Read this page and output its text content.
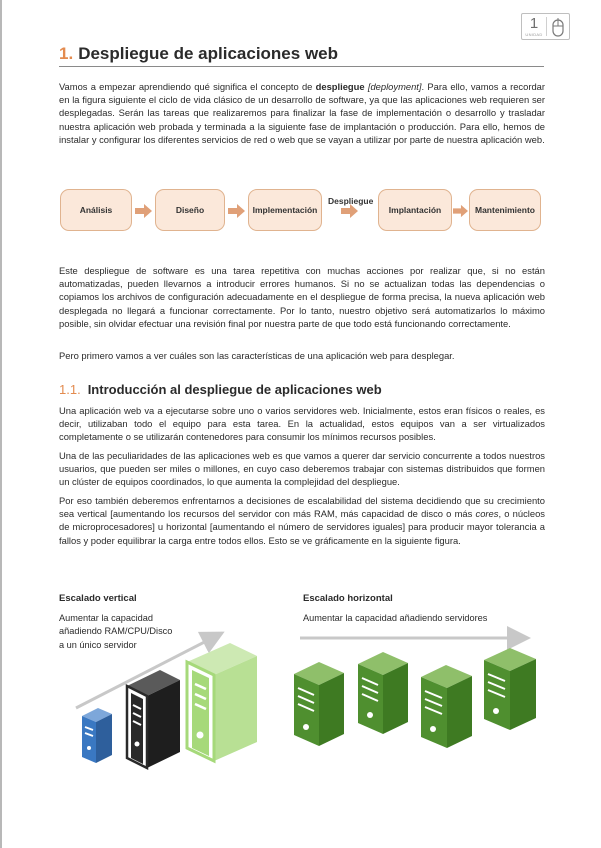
1
UNIDAD
1. Despliegue de aplicaciones web

Vamos a empezar aprendiendo qué significa el concepto de despliegue [deployment]. Para ello, vamos a recordar en la figura siguiente el ciclo de vida clásico de un desarrollo de software, ya que las aplicaciones web requieren ser desplegadas. Serán las tareas que realizaremos para finalizar la fase de implementación o desarrollo y trasladar nuestra aplicación web probada y terminada a la siguiente fase de implantación o producción. Para ello, hemos de instalar y configurar los diferentes servicios de red o web que se vayan a utilizar por parte de nuestra aplicación web.

Análisis	Diseño	Implementación
Despliegue
Implantación	Mantenimiento

Este despliegue de software es una tarea repetitiva con muchas acciones por realizar que, si no están automatizadas, pueden llevarnos a introducir errores humanos. Si no se actualizan todas las dependencias o copiamos los archivos de configuración adecuadamente en el despliegue de forma precisa, la nueva aplicación web desplegada no llegará a funcionar correctamente. Por lo tanto, nuestro objetivo será automatizarlos lo máximo posible, sin olvidar efectuar una revisión final por nuestra parte de que todo está funcionando correctamente.

Pero primero vamos a ver cuáles son las características de una aplicación web para desplegar.

1.1. Introducción al despliegue de aplicaciones web

Una aplicación web va a ejecutarse sobre uno o varios servidores web. Inicialmente, estos eran físicos o reales, es decir, utilizaban todo el equipo para esta tarea. En la actualidad, estos equipos van a ser virtualizados completamente o se utilizarán contenedores para consumir los mínimos recursos posibles.

Una de las peculiaridades de las aplicaciones web es que vamos a querer dar servicio concurrente a todos nuestros usuarios, que pueden ser miles o millones, en cuyo caso deberemos trabajar con sistemas distribuidos que formen un clúster de equipos coordinados, lo que aumenta la complejidad del despliegue.

Por eso también deberemos enfrentarnos a decisiones de escalabilidad del sistema decidiendo que su crecimiento sea vertical [aumentando los recursos del servidor con más RAM, más capacidad de disco o más cores, o núcleos de microprocesadores] u horizontal [aumentando el número de servidores iguales] para producir mayor tolerancia a fallos y poder equilibrar la carga entre todos ellos. Esto se ve gráficamente en la siguiente figura.

Escalado vertical
Aumentar la capacidad
añadiendo RAM/CPU/Disco
a un único servidor
Escalado horizontal
Aumentar la capacidad añadiendo servidores
